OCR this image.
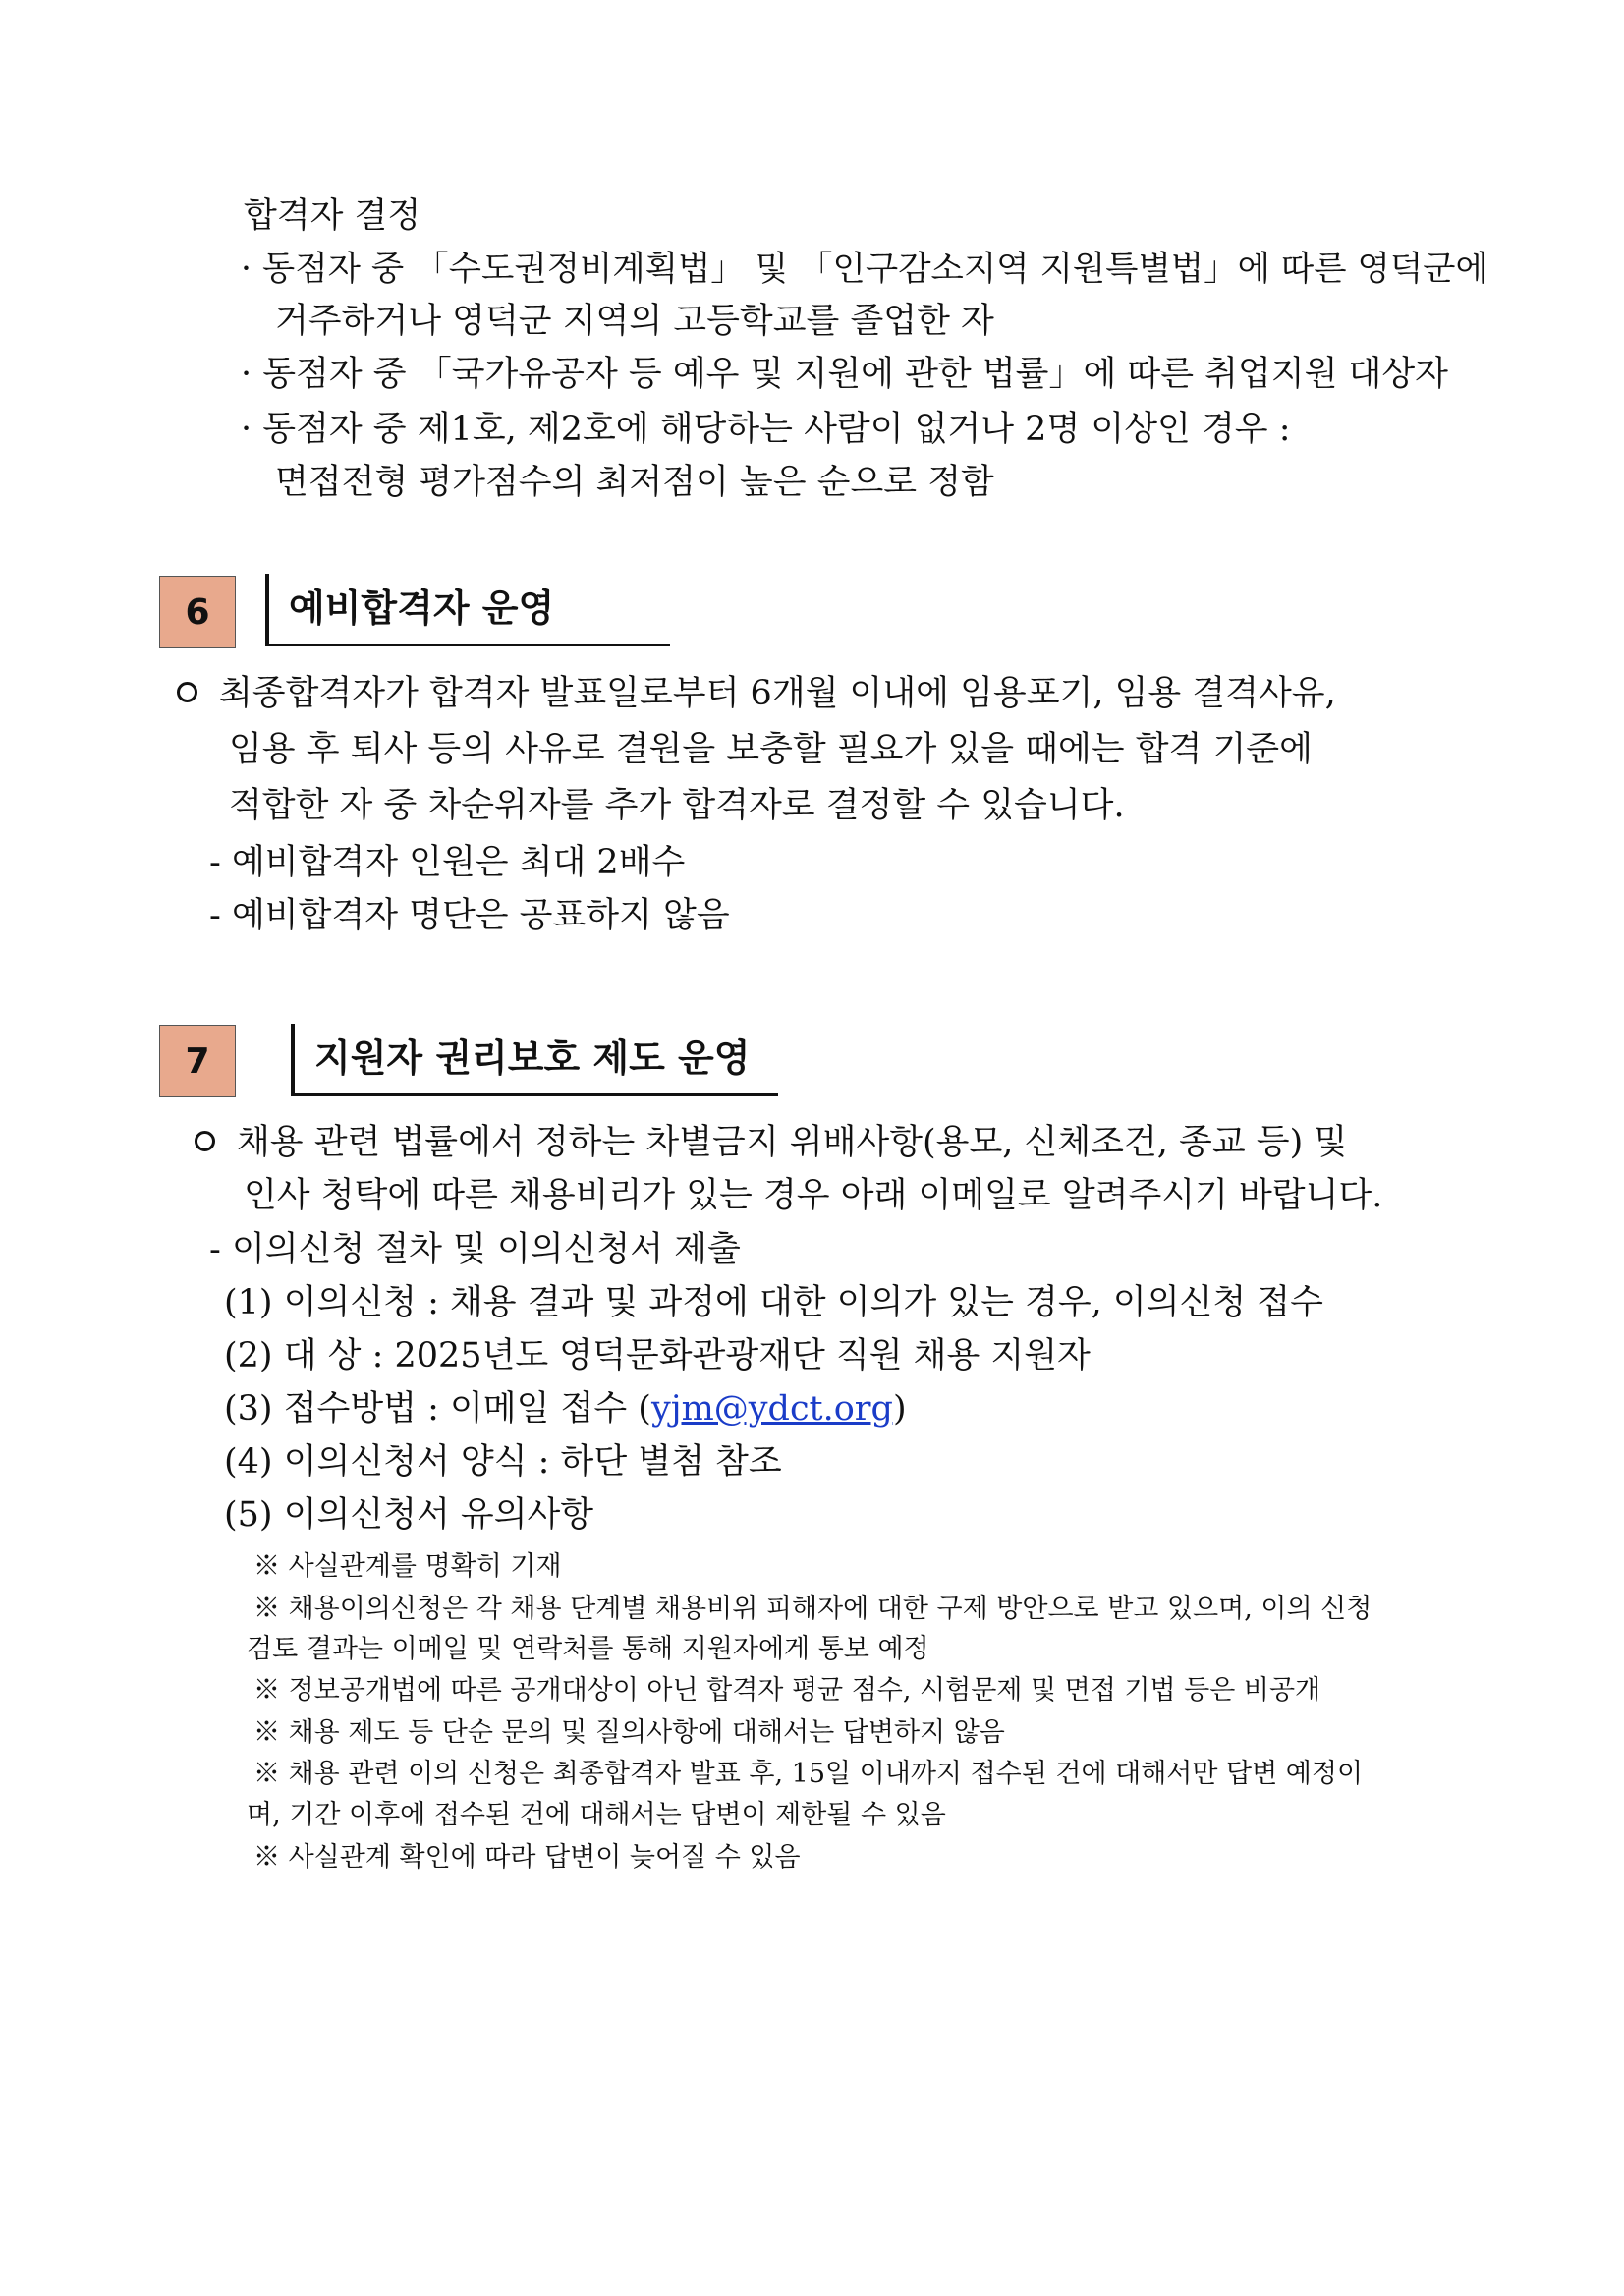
합격자 결정
· 동점자 중 「수도권정비계획법」 및 「인구감소지역 지원특별법」에 따른 영덕군에
거주하거나 영덕군 지역의 고등학교를 졸업한 자
· 동점자 중 「국가유공자 등 예우 및 지원에 관한 법률」에 따른 취업지원 대상자
· 동점자 중 제1호, 제2호에 해당하는 사람이 없거나 2명 이상인 경우 :
면접전형 평가점수의 최저점이 높은 순으로 정함
6	예비합격자 운영
최종합격자가 합격자 발표일로부터 6개월 이내에 임용포기, 임용 결격사유,
임용 후 퇴사 등의 사유로 결원을 보충할 필요가 있을 때에는 합격 기준에
적합한 자 중 차순위자를 추가 합격자로 결정할 수 있습니다.
- 예비합격자 인원은 최대 2배수
- 예비합격자 명단은 공표하지 않음
7	지원자 권리보호 제도 운영
채용 관련 법률에서 정하는 차별금지 위배사항(용모, 신체조건, 종교 등) 및
인사 청탁에 따른 채용비리가 있는 경우 아래 이메일로 알려주시기 바랍니다.
- 이의신청 절차 및 이의신청서 제출
(1) 이의신청 : 채용 결과 및 과정에 대한 이의가 있는 경우, 이의신청 접수
(2) 대 상 : 2025년도 영덕문화관광재단 직원 채용 지원자
(3) 접수방법 : 이메일 접수 (yjm@ydct.org)
(4) 이의신청서 양식 : 하단 별첨 참조
(5) 이의신청서 유의사항
※ 사실관계를 명확히 기재
※ 채용이의신청은 각 채용 단계별 채용비위 피해자에 대한 구제 방안으로 받고 있으며, 이의 신청
검토 결과는 이메일 및 연락처를 통해 지원자에게 통보 예정
※ 정보공개법에 따른 공개대상이 아닌 합격자 평균 점수, 시험문제 및 면접 기법 등은 비공개
※ 채용 제도 등 단순 문의 및 질의사항에 대해서는 답변하지 않음
※ 채용 관련 이의 신청은 최종합격자 발표 후, 15일 이내까지 접수된 건에 대해서만 답변 예정이
며, 기간 이후에 접수된 건에 대해서는 답변이 제한될 수 있음
※ 사실관계 확인에 따라 답변이 늦어질 수 있음
